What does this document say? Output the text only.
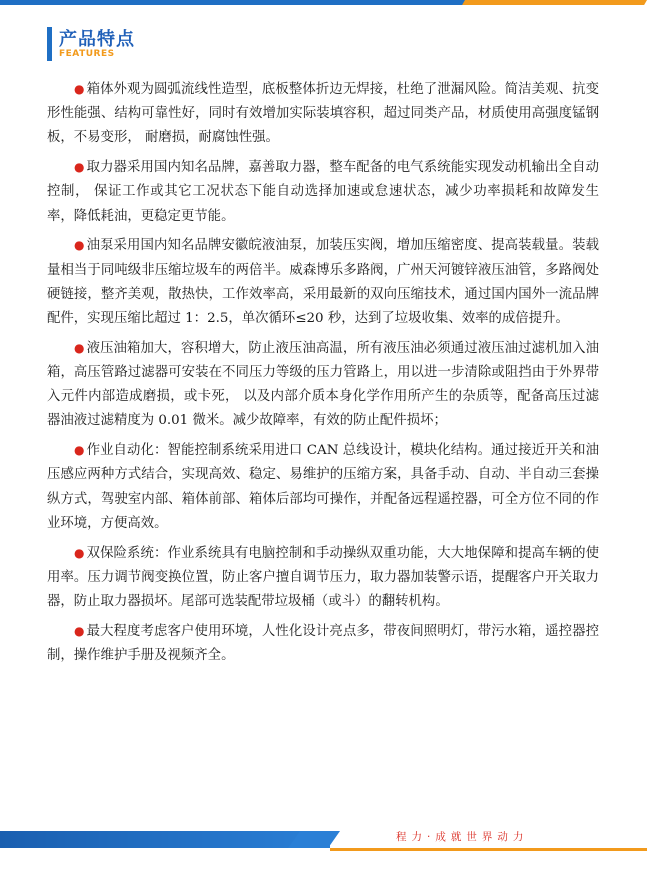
产品特点
FEATURES

● 箱体外观为圆弧流线性造型，底板整体折边无焊接，杜绝了泄漏风险。简洁美观、抗变形性能强、结构可靠性好，同时有效增加实际装填容积，超过同类产品，材质使用高强度锰钢板，不易变形， 耐磨损，耐腐蚀性强。

● 取力器采用国内知名品牌，嘉善取力器，整车配备的电气系统能实现发动机输出全自动控制， 保证工作或其它工况状态下能自动选择加速或怠速状态，减少功率损耗和故障发生率，降低耗油，更稳定更节能。

● 油泵采用国内知名品牌安徽皖液油泵，加装压实阀，增加压缩密度、提高装载量。装载量相当于同吨级非压缩垃圾车的两倍半。威森博乐多路阀，广州天河镀锌液压油管，多路阀处硬链接，整齐美观，散热快，工作效率高，采用最新的双向压缩技术，通过国内国外一流品牌配件，实现压缩比超过 1：2.5，单次循环≤20 秒，达到了垃圾收集、效率的成倍提升。

● 液压油箱加大，容积增大，防止液压油高温，所有液压油必须通过液压油过滤机加入油箱，高压管路过滤器可安装在不同压力等级的压力管路上，用以进一步清除或阻挡由于外界带入元件内部造成磨损，或卡死， 以及内部介质本身化学作用所产生的杂质等，配备高压过滤器油液过滤精度为 0.01 微米。减少故障率，有效的防止配件损坏；

● 作业自动化：智能控制系统采用进口 CAN 总线设计，模块化结构。通过接近开关和油压感应两种方式结合，实现高效、稳定、易维护的压缩方案，具备手动、自动、半自动三套操纵方式，驾驶室内部、箱体前部、箱体后部均可操作，并配备远程遥控器，可全方位不同的作业环境，方便高效。

● 双保险系统：作业系统具有电脑控制和手动操纵双重功能，大大地保障和提高车辆的使用率。压力调节阀变换位置，防止客户擅自调节压力，取力器加装警示语，提醒客户开关取力器，防止取力器损坏。尾部可选装配带垃圾桶（或斗）的翻转机构。

● 最大程度考虑客户使用环境，人性化设计亮点多，带夜间照明灯，带污水箱，遥控器控制，操作维护手册及视频齐全。

程力·成就世界动力
